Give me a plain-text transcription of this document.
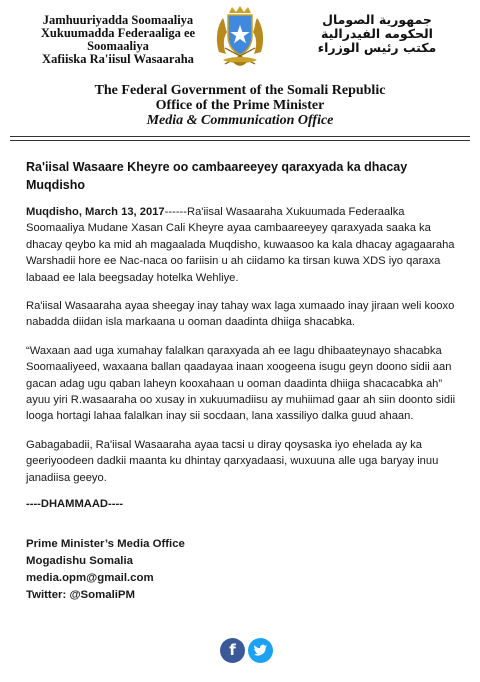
Jamhuuriyadda Soomaaliya
Xukuumadda Federaaliga ee
Soomaaliya
Xafiiska Ra'iisul Wasaaraha
جمهورية الصومال
الحكومه الفيدرالية
مكتب رئيس الوزراء
The Federal Government of the Somali Republic
Office of the Prime Minister
Media & Communication Office
Ra'iisal Wasaare Kheyre oo cambaareeyey qaraxyada ka dhacay Muqdisho

Muqdisho, March 13, 2017------Ra'iisal Wasaaraha Xukuumada Federaalka Soomaaliya Mudane Xasan Cali Kheyre ayaa cambaareeyey qaraxyada saaka ka dhacay qeybo ka mid ah magaalada Muqdisho, kuwaasoo ka kala dhacay agagaaraha Warshadii hore ee Nac-naca oo fariisin u ah ciidamo ka tirsan kuwa XDS iyo qaraxa labaad ee lala beegsaday hotelka Wehliye.

Ra'iisal Wasaaraha ayaa sheegay inay tahay wax laga xumaado inay jiraan weli kooxo nabadda diidan isla markaana u ooman daadinta dhiiga shacabka.

“Waxaan aad uga xumahay falalkan qaraxyada ah ee lagu dhibaateynayo shacabka Soomaaliyeed, waxaana ballan qaadayaa inaan xoogeena isugu geyn doono sidii aan gacan adag ugu qaban laheyn kooxahaan u ooman daadinta dhiiga shacacabka ah” ayuu yiri R.wasaaraha oo xusay in xukuumadiisu ay muhiimad gaar ah siin doonto sidii looga hortagi lahaa falalkan inay sii socdaan, lana xassiliyo dalka guud ahaan.

Gabagabadii, Ra'iisal Wasaaraha ayaa tacsi u diray qoysaska iyo ehelada ay ka geeriyoodeen dadkii maanta ku dhintay qarxyadaasi, wuxuuna alle uga baryay inuu janadiisa geeyo.

----DHAMMAAD----
Prime Minister’s Media Office
Mogadishu Somalia
media.opm@gmail.com
Twitter: @SomaliPM
f
